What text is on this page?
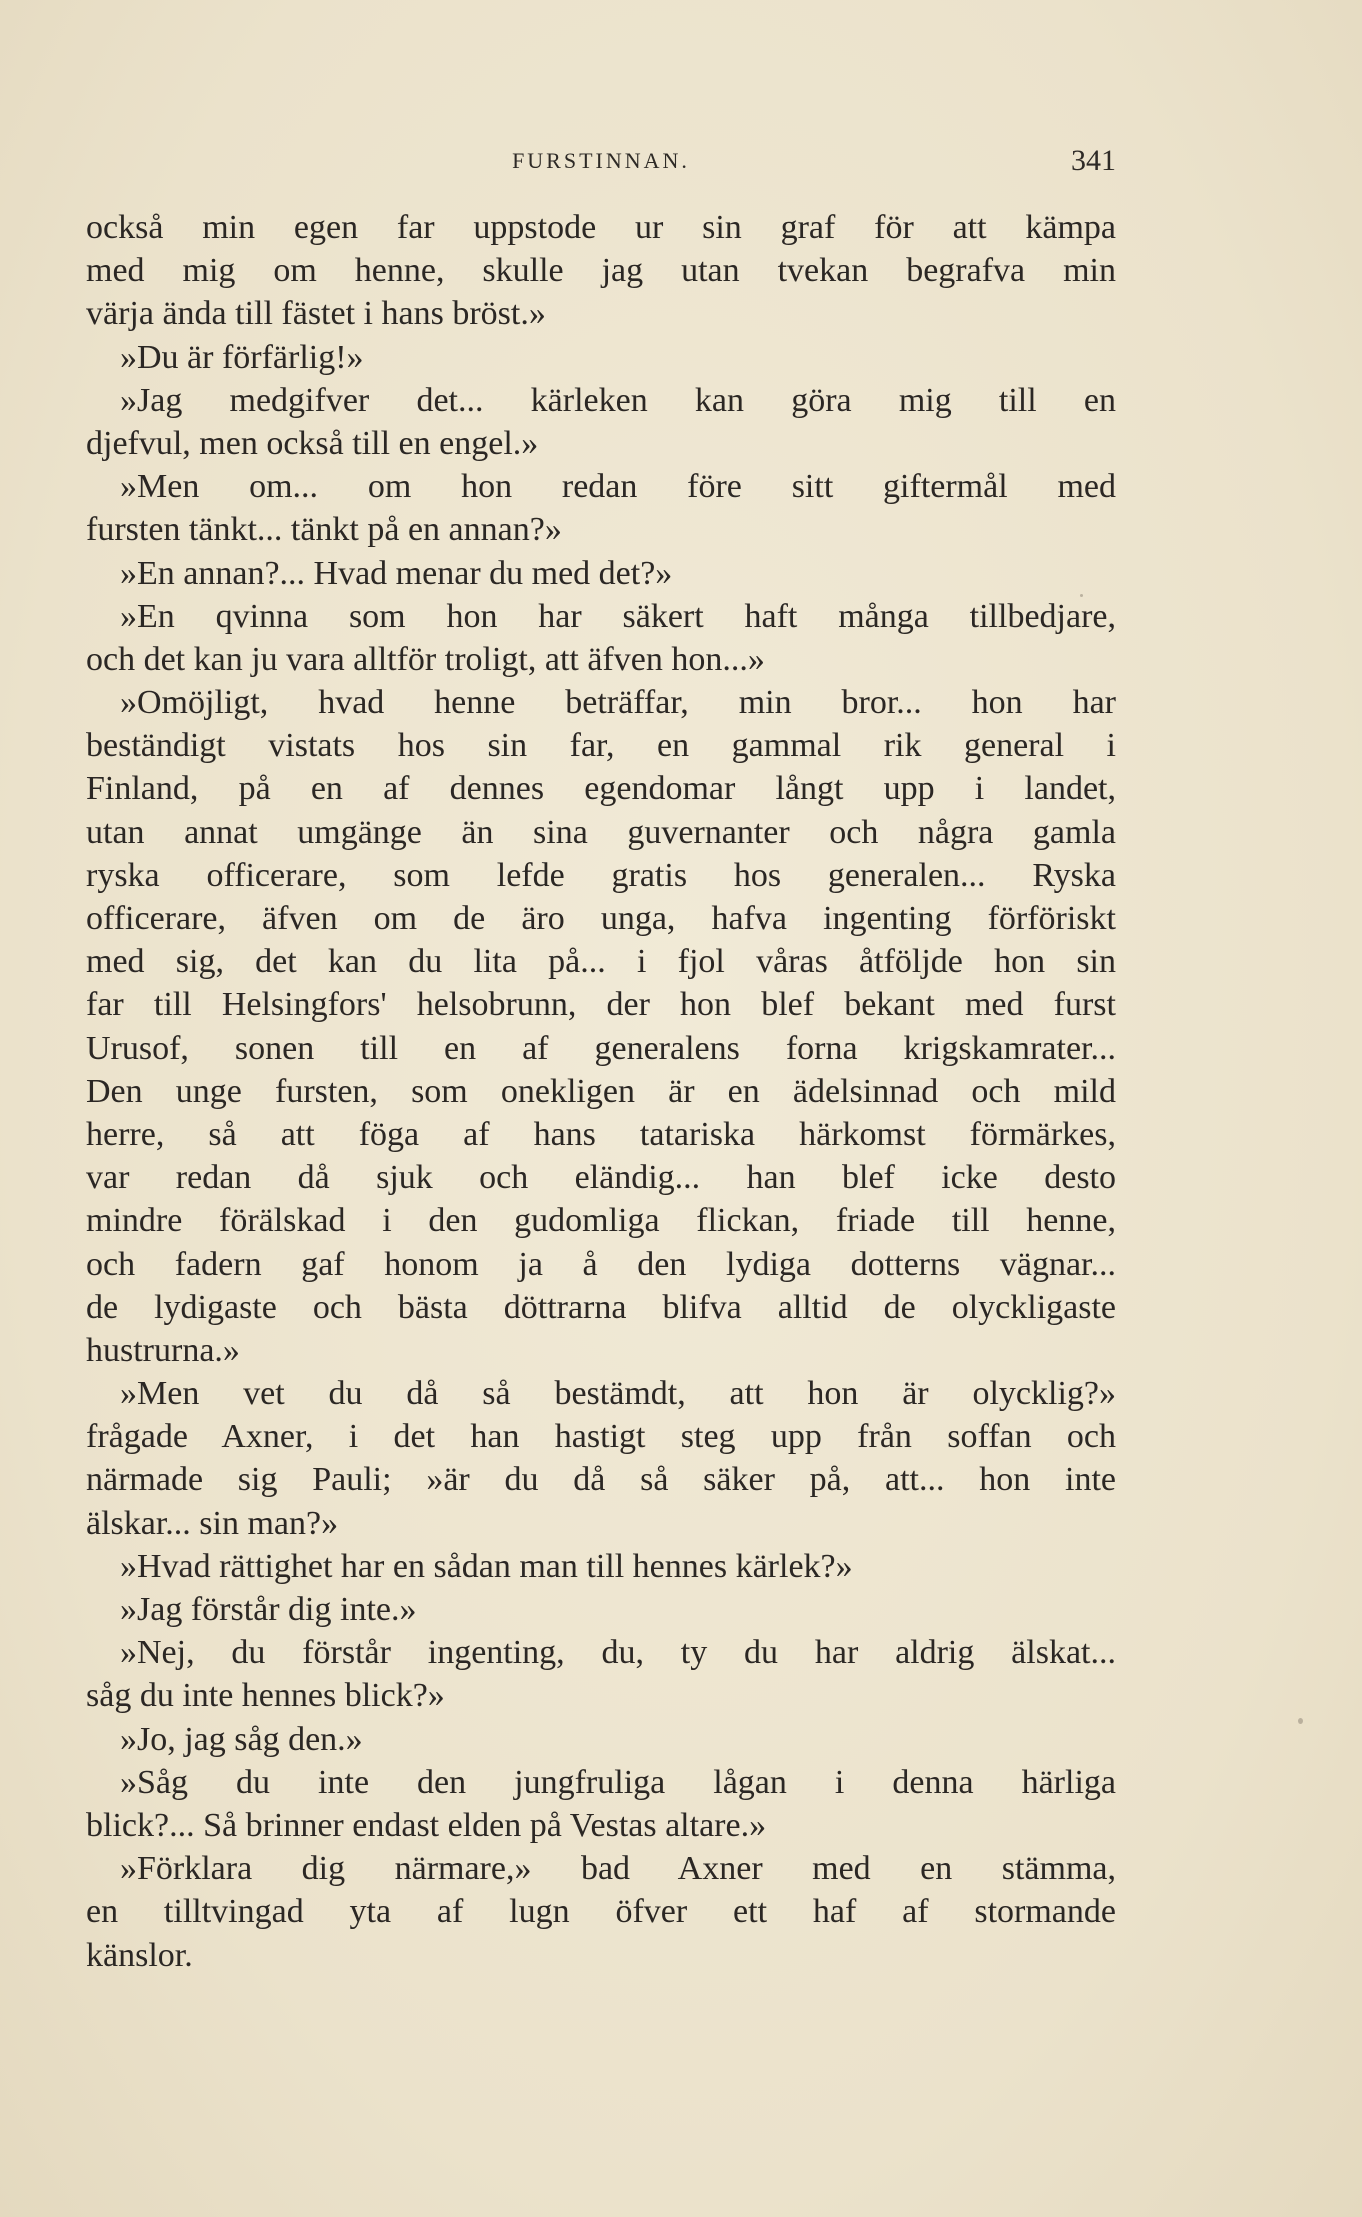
FURSTINNAN.	341
också min egen far uppstode ur sin graf för att kämpa
med mig om henne, skulle jag utan tvekan begrafva min
värja ända till fästet i hans bröst.»
»Du är förfärlig!»
»Jag medgifver det... kärleken kan göra mig till en
djefvul, men också till en engel.»
»Men om... om hon redan före sitt giftermål med
fursten tänkt... tänkt på en annan?»
»En annan?... Hvad menar du med det?»
»En qvinna som hon har säkert haft många tillbedjare,
och det kan ju vara alltför troligt, att äfven hon...»
»Omöjligt, hvad henne beträffar, min bror... hon har
beständigt vistats hos sin far, en gammal rik general i
Finland, på en af dennes egendomar långt upp i landet,
utan annat umgänge än sina guvernanter och några gamla
ryska officerare, som lefde gratis hos generalen... Ryska
officerare, äfven om de äro unga, hafva ingenting förföriskt
med sig, det kan du lita på... i fjol våras åtföljde hon sin
far till Helsingfors' helsobrunn, der hon blef bekant med furst
Urusof, sonen till en af generalens forna krigskamrater...
Den unge fursten, som onekligen är en ädelsinnad och mild
herre, så att föga af hans tatariska härkomst förmärkes,
var redan då sjuk och eländig... han blef icke desto
mindre förälskad i den gudomliga flickan, friade till henne,
och fadern gaf honom ja å den lydiga dotterns vägnar...
de lydigaste och bästa döttrarna blifva alltid de olyckligaste
hustrurna.»
»Men vet du då så bestämdt, att hon är olycklig?»
frågade Axner, i det han hastigt steg upp från soffan och
närmade sig Pauli; »är du då så säker på, att... hon inte
älskar... sin man?»
»Hvad rättighet har en sådan man till hennes kärlek?»
»Jag förstår dig inte.»
»Nej, du förstår ingenting, du, ty du har aldrig älskat...
såg du inte hennes blick?»
»Jo, jag såg den.»
»Såg du inte den jungfruliga lågan i denna härliga
blick?... Så brinner endast elden på Vestas altare.»
»Förklara dig närmare,» bad Axner med en stämma,
en tilltvingad yta af lugn öfver ett haf af stormande
känslor.
